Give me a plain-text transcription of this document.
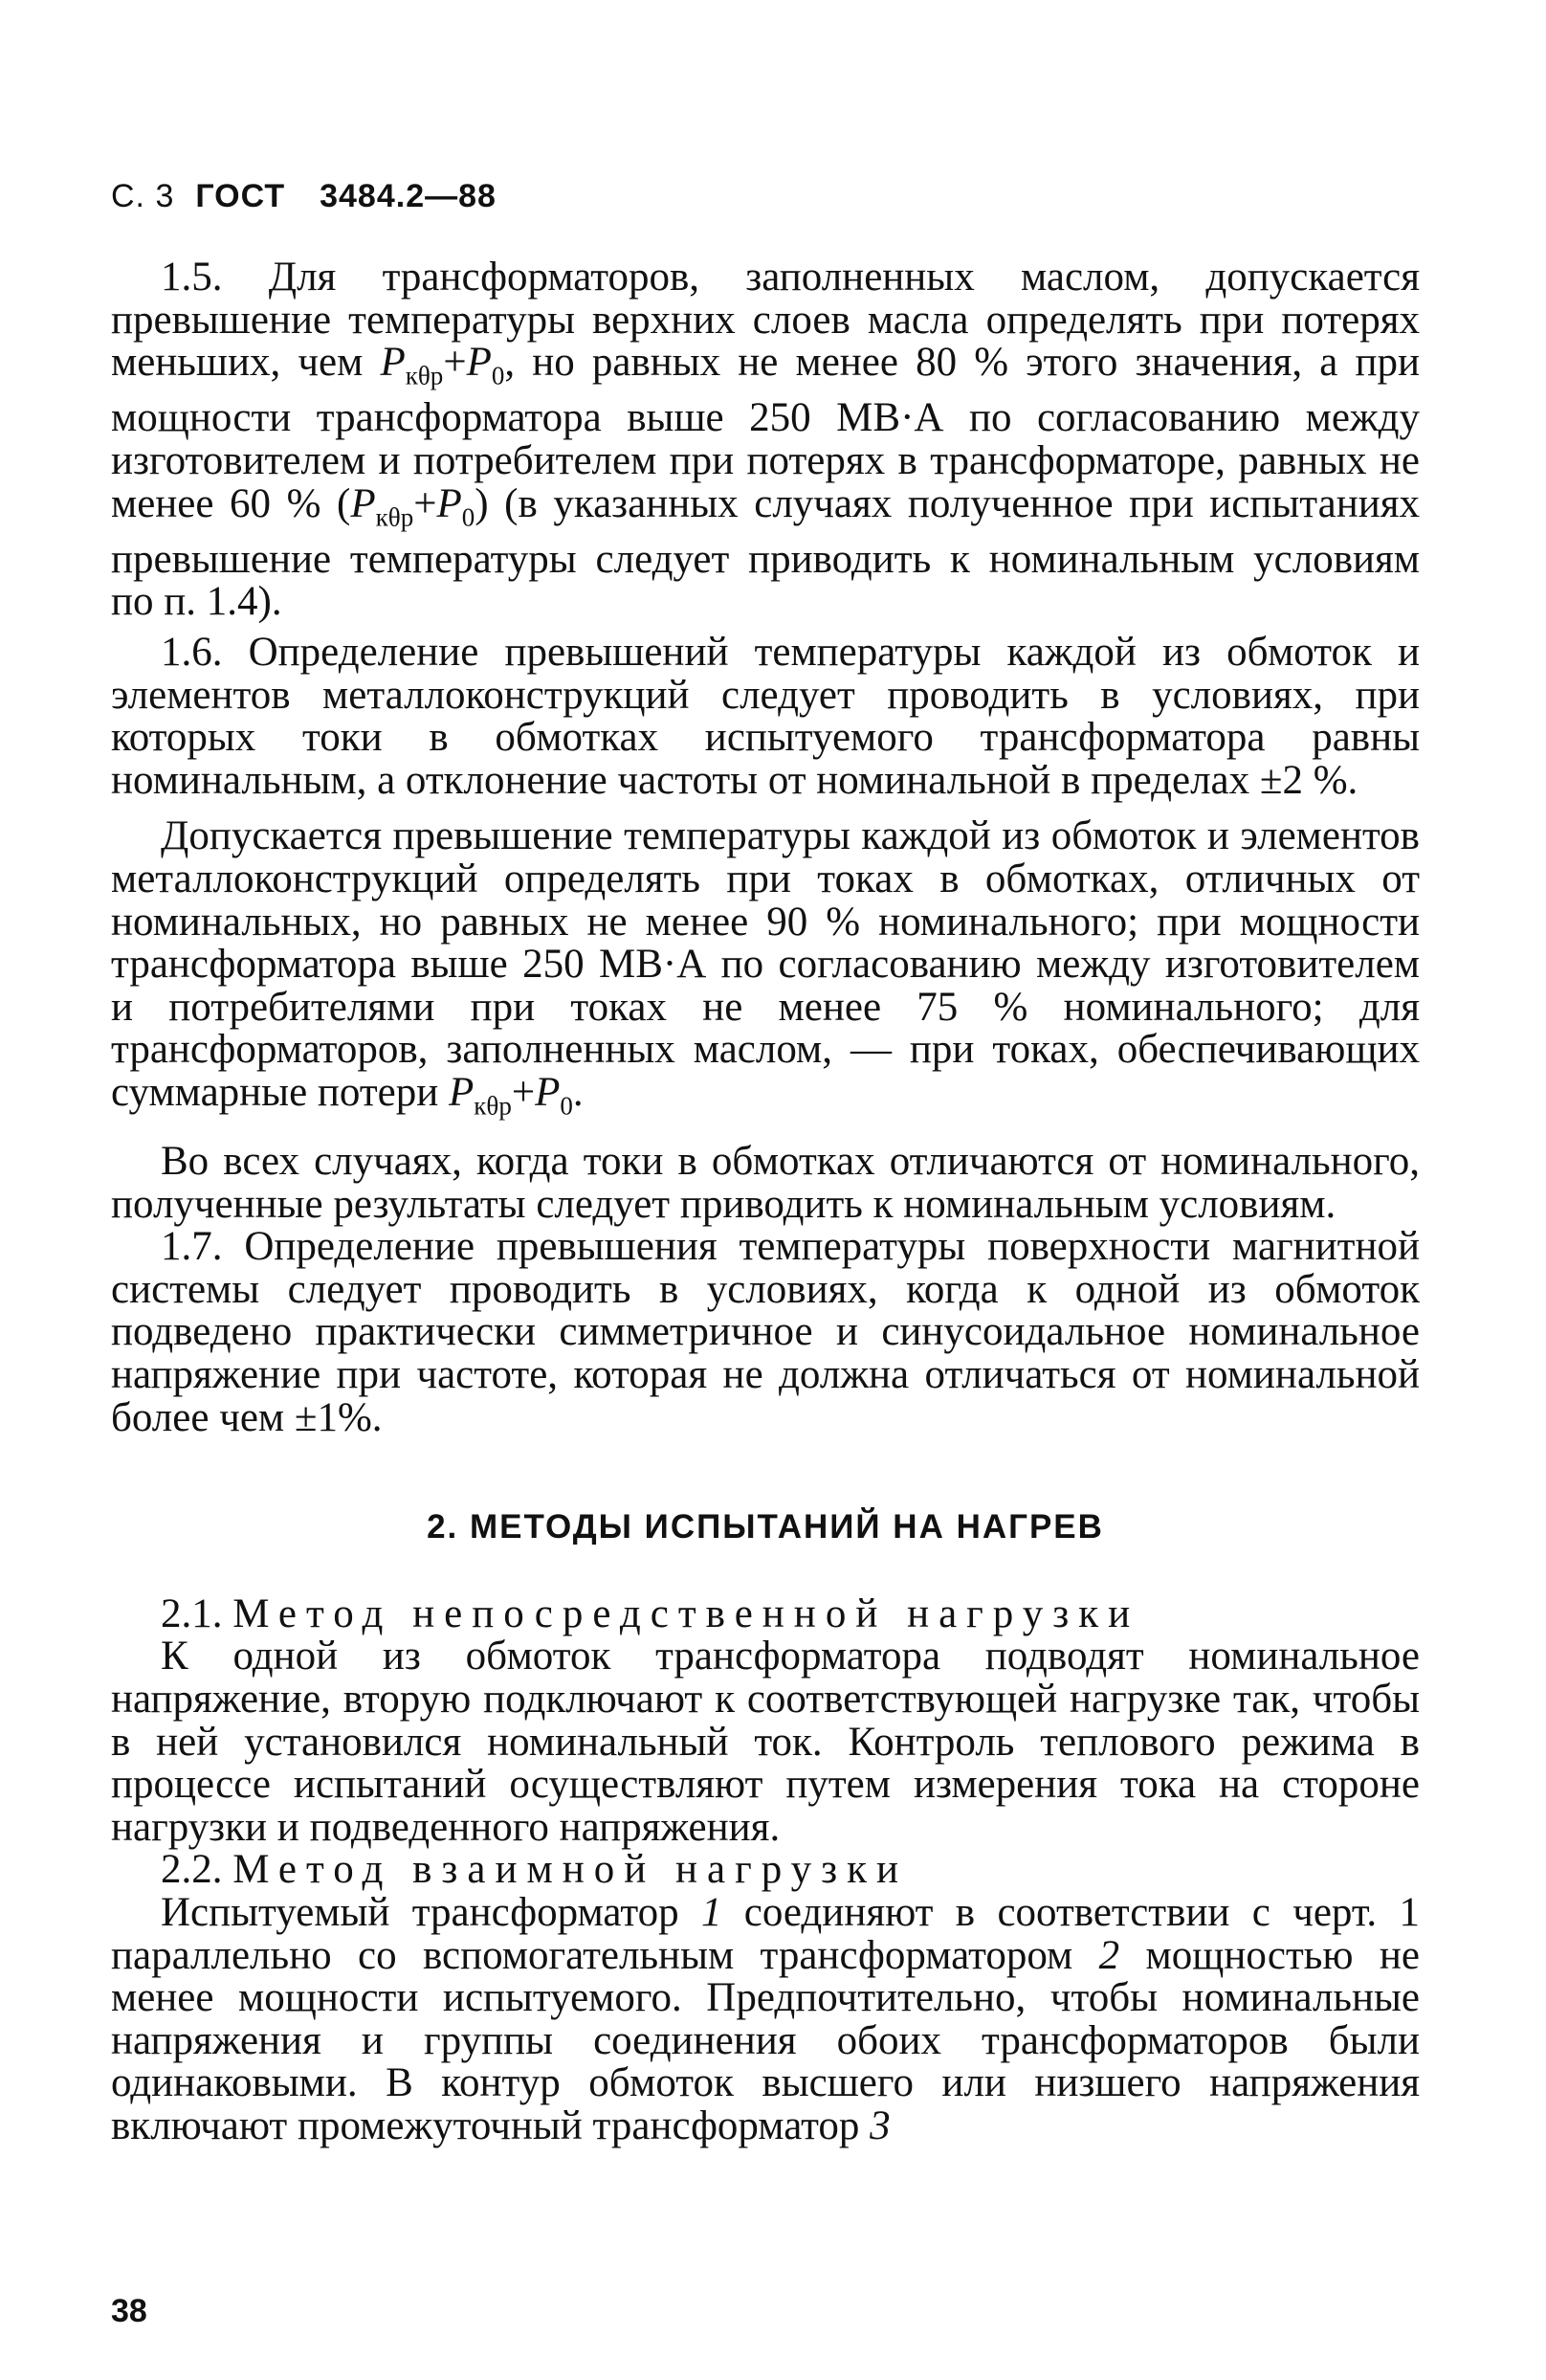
С. 3 ГОСТ 3484.2—88

1.5. Для трансформаторов, заполненных маслом, допускается превышение температуры верхних слоев масла определять при потерях меньших, чем $P_{к\theta р}+P_0$, но равных не менее 80 % этого значения, а при мощности трансформатора выше 250 МВ·А по согласованию между изготовителем и потребителем при потерях в трансформаторе, равных не менее 60 % $(P_{к\theta р}+P_0)$ (в указанных случаях полученное при испытаниях превышение температуры следует приводить к номинальным условиям по п. 1.4).

1.6. Определение превышений температуры каждой из обмоток и элементов металлоконструкций следует проводить в условиях, при которых токи в обмотках испытуемого трансформатора равны номинальным, а отклонение частоты от номинальной в пределах ±2 %.

Допускается превышение температуры каждой из обмоток и элементов металлоконструкций определять при токах в обмотках, отличных от номинальных, но равных не менее 90 % номинального; при мощности трансформатора выше 250 МВ·А по согласованию между изготовителем и потребителями при токах не менее 75 % номинального; для трансформаторов, заполненных маслом, — при токах, обеспечивающих суммарные потери $P_{к\theta р}+P_0$.

Во всех случаях, когда токи в обмотках отличаются от номинального, полученные результаты следует приводить к номинальным условиям.

1.7. Определение превышения температуры поверхности магнитной системы следует проводить в условиях, когда к одной из обмоток подведено практически симметричное и синусоидальное номинальное напряжение при частоте, которая не должна отличаться от номинальной более чем ±1%.

2. МЕТОДЫ ИСПЫТАНИЙ НА НАГРЕВ

2.1. Метод непосредственной нагрузки

К одной из обмоток трансформатора подводят номинальное напряжение, вторую подключают к соответствующей нагрузке так, чтобы в ней установился номинальный ток. Контроль теплового режима в процессе испытаний осуществляют путем измерения тока на стороне нагрузки и подведенного напряжения.

2.2. Метод взаимной нагрузки

Испытуемый трансформатор 1 соединяют в соответствии с черт. 1 параллельно со вспомогательным трансформатором 2 мощностью не менее мощности испытуемого. Предпочтительно, чтобы номинальные напряжения и группы соединения обоих трансформаторов были одинаковыми. В контур обмоток высшего или низшего напряжения включают промежуточный трансформатор 3

38
